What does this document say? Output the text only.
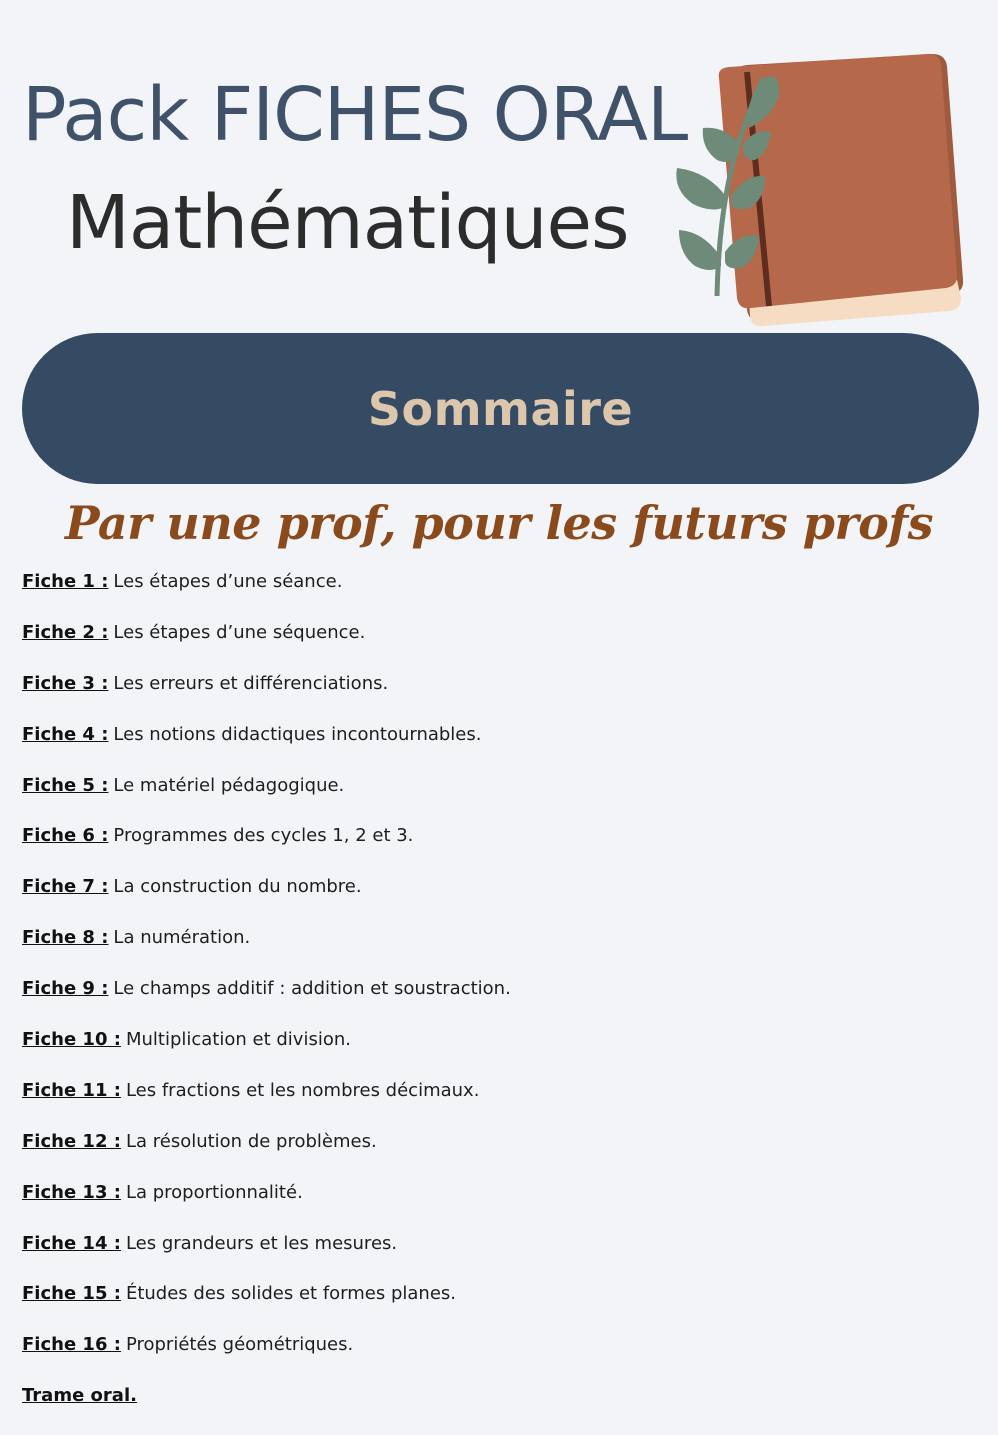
Pack FICHES ORAL
Mathématiques
Sommaire
Par une prof, pour les futurs profs
Fiche 1 : Les étapes d’une séance.
Fiche 2 : Les étapes d’une séquence.
Fiche 3 : Les erreurs et différenciations.
Fiche 4 : Les notions didactiques incontournables.
Fiche 5 : Le matériel pédagogique.
Fiche 6 : Programmes des cycles 1, 2 et 3.
Fiche 7 : La construction du nombre.
Fiche 8 : La numération.
Fiche 9 : Le champs additif : addition et soustraction.
Fiche 10 : Multiplication et division.
Fiche 11 : Les fractions et les nombres décimaux.
Fiche 12 : La résolution de problèmes.
Fiche 13 : La proportionnalité.
Fiche 14 : Les grandeurs et les mesures.
Fiche 15 : Études des solides et formes planes.
Fiche 16 : Propriétés géométriques.
Trame oral.
